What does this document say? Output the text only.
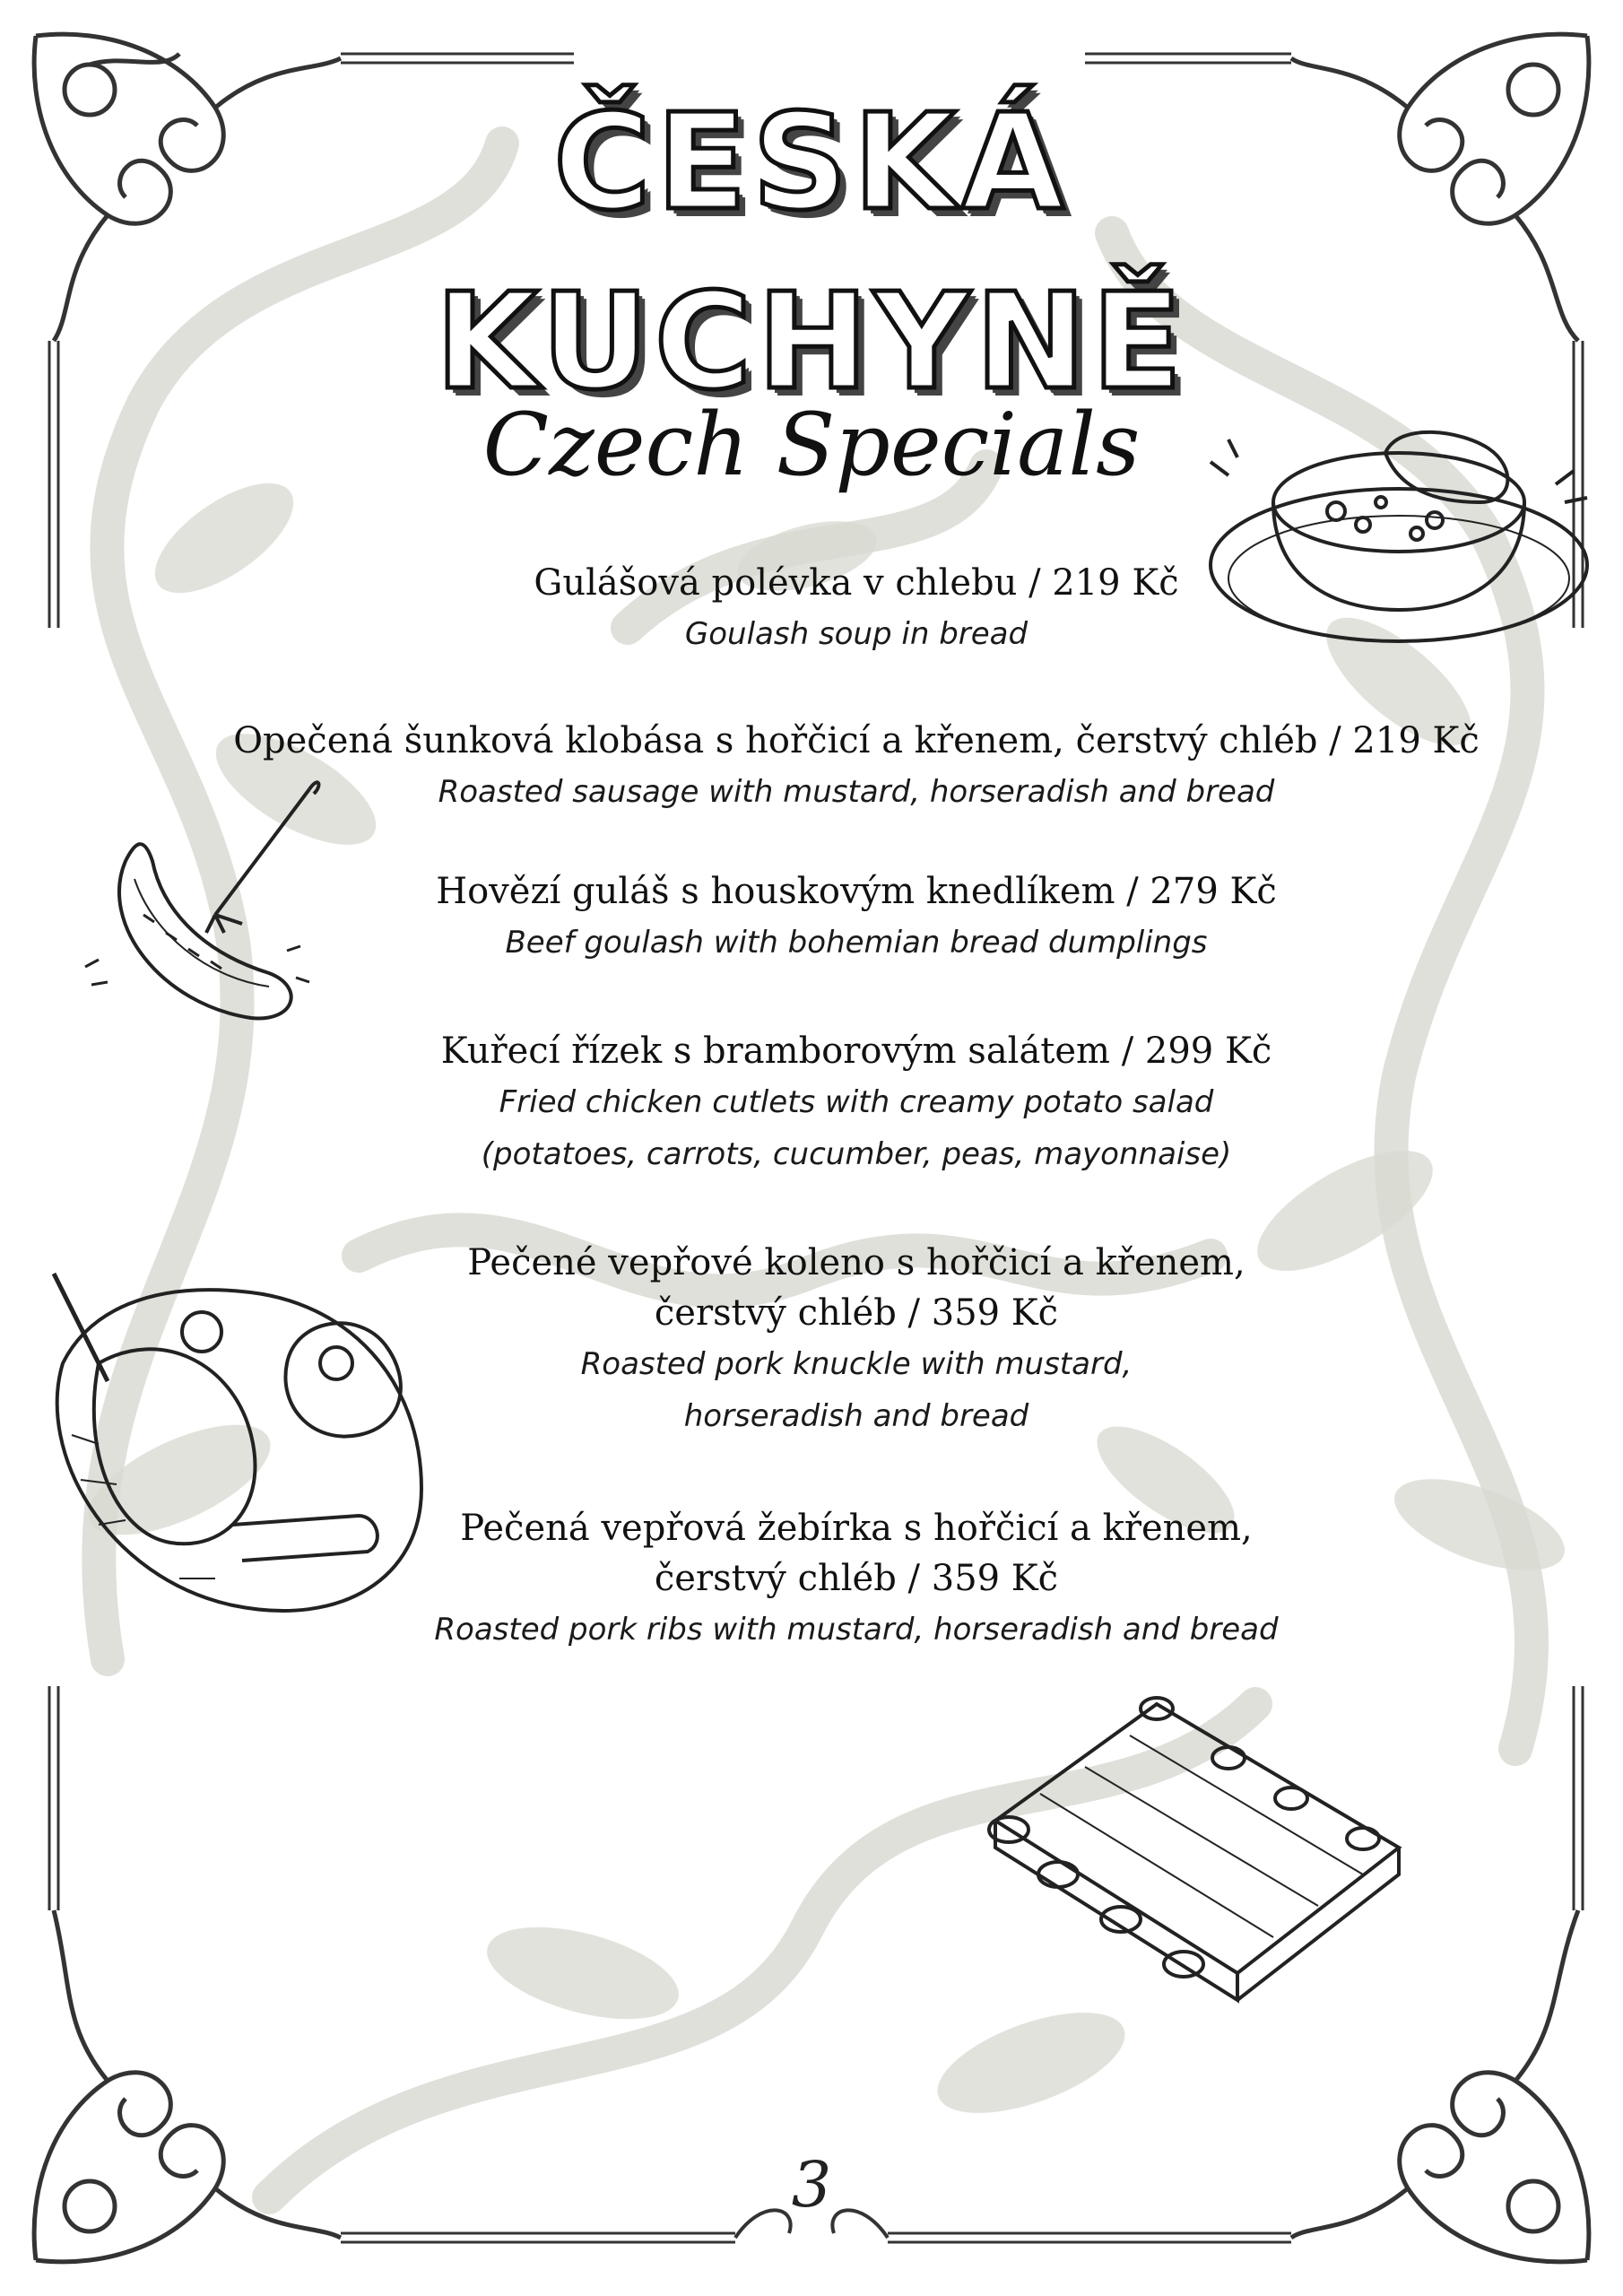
ČESKÁ
KUCHYNĚ
Czech Specials
Gulášová polévka v chlebu / 219 Kč
Goulash soup in bread
Opečená šunková klobása s hořčicí a křenem, čerstvý chléb / 219 Kč
Roasted sausage with mustard, horseradish and bread
Hovězí guláš s houskovým knedlíkem / 279 Kč
Beef goulash with bohemian bread dumplings
Kuřecí řízek s bramborovým salátem / 299 Kč
Fried chicken cutlets with creamy potato salad
(potatoes, carrots, cucumber, peas, mayonnaise)
Pečené vepřové koleno s hořčicí a křenem,
čerstvý chléb / 359 Kč
Roasted pork knuckle with mustard,
horseradish and bread
Pečená vepřová žebírka s hořčicí a křenem,
čerstvý chléb / 359 Kč
Roasted pork ribs with mustard, horseradish and bread
3
